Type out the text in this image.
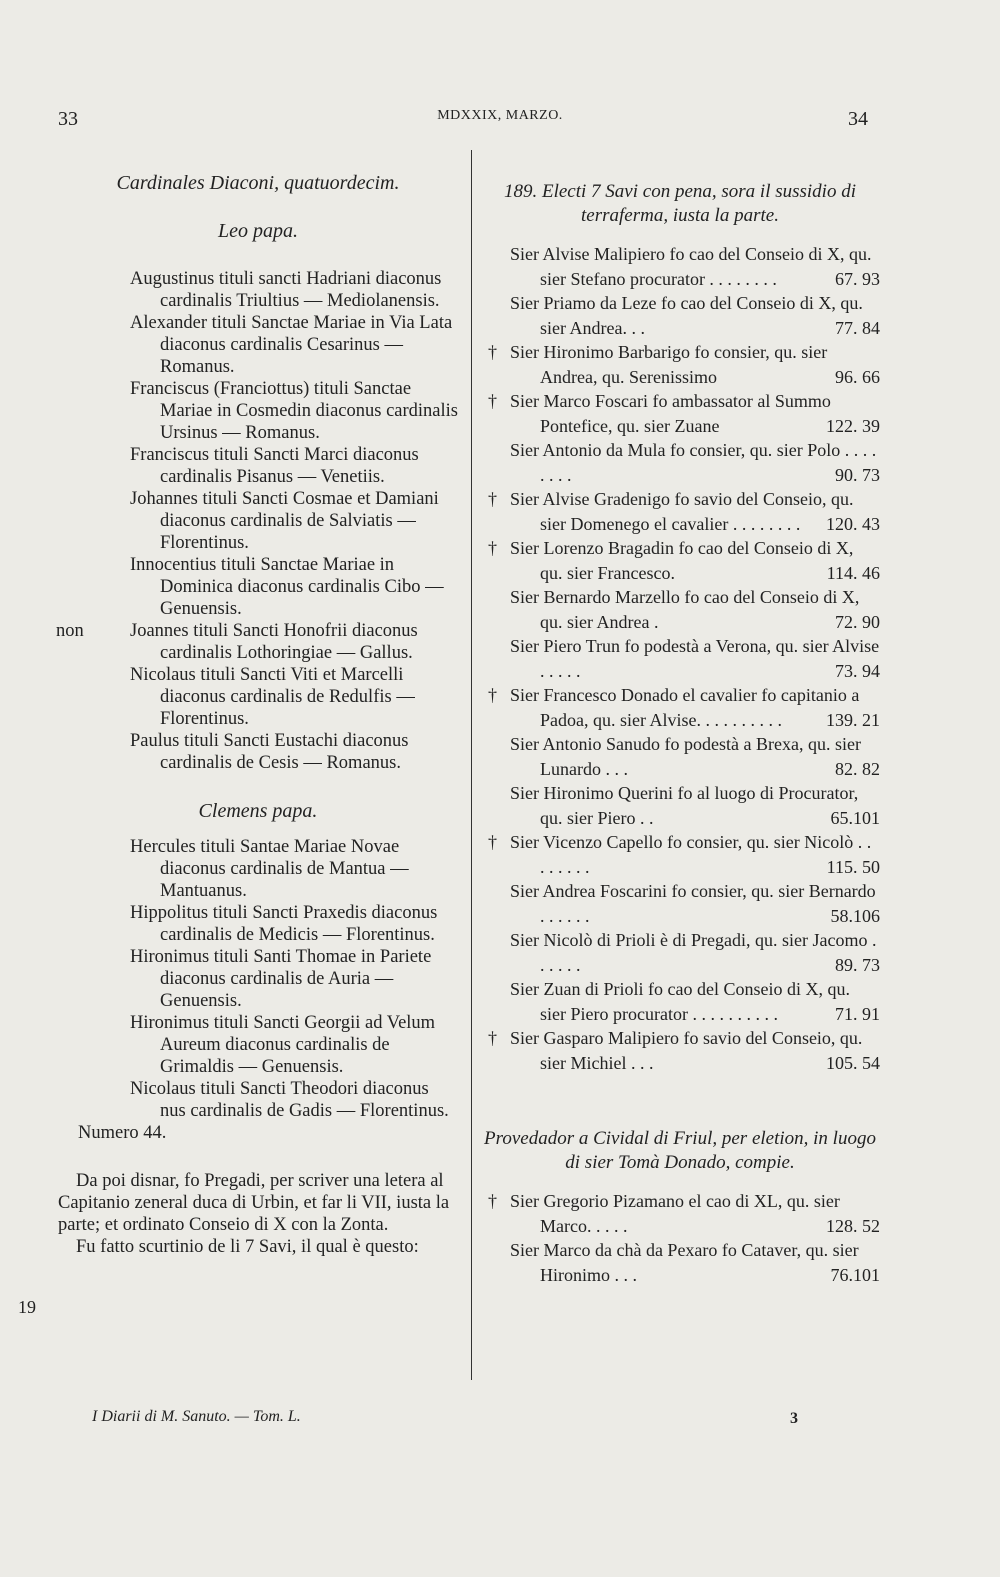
33	MDXXIX, MARZO.	34

Cardinales Diaconi, quatuordecim.

Leo papa.

Augustinus tituli sancti Hadriani diaconus cardinalis Triultius — Mediolanensis.

Alexander tituli Sanctae Mariae in Via Lata diaconus cardinalis Cesarinus — Romanus.

Franciscus (Franciottus) tituli Sanctae Mariae in Cosmedin diaconus cardinalis Ursinus — Romanus.

Franciscus tituli Sancti Marci diaconus cardinalis Pisanus — Venetiis.

Johannes tituli Sancti Cosmae et Damiani diaconus cardinalis de Salviatis — Florentinus.

Innocentius tituli Sanctae Mariae in Dominica diaconus cardinalis Cibo — Genuensis.

non	Joannes tituli Sancti Honofrii diaconus cardinalis Lothoringiae — Gallus.

Nicolaus tituli Sancti Viti et Marcelli diaconus cardinalis de Redulfis — Florentinus.

Paulus tituli Sancti Eustachi diaconus cardinalis de Cesis — Romanus.

Clemens papa.

Hercules tituli Santae Mariae Novae diaconus cardinalis de Mantua — Mantuanus.

Hippolitus tituli Sancti Praxedis diaconus cardinalis de Medicis — Florentinus.

Hironimus tituli Santi Thomae in Pariete diaconus cardinalis de Auria — Genuensis.

Hironimus tituli Sancti Georgii ad Velum Aureum diaconus cardinalis de Grimaldis — Genuensis.

Nicolaus tituli Sancti Theodori diaconus nus cardinalis de Gadis — Florentinus.

Numero 44.

Da poi disnar, fo Pregadi, per scriver una letera al Capitanio zeneral duca di Urbin, et far li VII, iusta la parte; et ordinato Conseio di X con la Zonta.

Fu fatto scurtinio de li 7 Savi, il qual è questo:

19
I Diarii di M. Sanuto. — Tom. L.

189. Electi 7 Savi con pena, sora il sussidio di terraferma, iusta la parte.

Sier Alvise Malipiero fo cao del Conseio di X, qu. sier Stefano procurator . . . . . . . .	67. 93

Sier Priamo da Leze fo cao del Conseio di X, qu. sier Andrea. . .	77. 84

† Sier Hironimo Barbarigo fo consier, qu. sier Andrea, qu. Serenissimo	96. 66

† Sier Marco Foscari fo ambassator al Summo Pontefice, qu. sier Zuane	122. 39

Sier Antonio da Mula fo consier, qu. sier Polo . . . . . . . .	90. 73

† Sier Alvise Gradenigo fo savio del Conseio, qu. sier Domenego el cavalier . . . . . . . . 120. 43

† Sier Lorenzo Bragadin fo cao del Conseio di X, qu. sier Francesco.	114. 46

Sier Bernardo Marzello fo cao del Conseio di X, qu. sier Andrea .	72. 90

Sier Piero Trun fo podestà a Verona, qu. sier Alvise . . . . .	73. 94

† Sier Francesco Donado el cavalier fo capitanio a Padoa, qu. sier Alvise. . . . . . . . . . 139. 21

Sier Antonio Sanudo fo podestà a Brexa, qu. sier Lunardo . . .	82. 82

Sier Hironimo Querini fo al luogo di Procurator, qu. sier Piero . .	65.101

† Sier Vicenzo Capello fo consier, qu. sier Nicolò . . . . . . . .	115. 50

Sier Andrea Foscarini fo consier, qu. sier Bernardo . . . . . .	58.106

Sier Nicolò di Prioli è di Pregadi, qu. sier Jacomo . . . . . .	89. 73

Sier Zuan di Prioli fo cao del Conseio di X, qu. sier Piero procurator . . . . . . . . . .	71. 91

† Sier Gasparo Malipiero fo savio del Conseio, qu. sier Michiel . . .	105. 54

Provedador a Cividal di Friul, per eletion, in luogo di sier Tomà Donado, compie.

† Sier Gregorio Pizamano el cao di XL, qu. sier Marco. . . . .	128. 52

Sier Marco da chà da Pexaro fo Cataver, qu. sier Hironimo . . .	76.101

3
